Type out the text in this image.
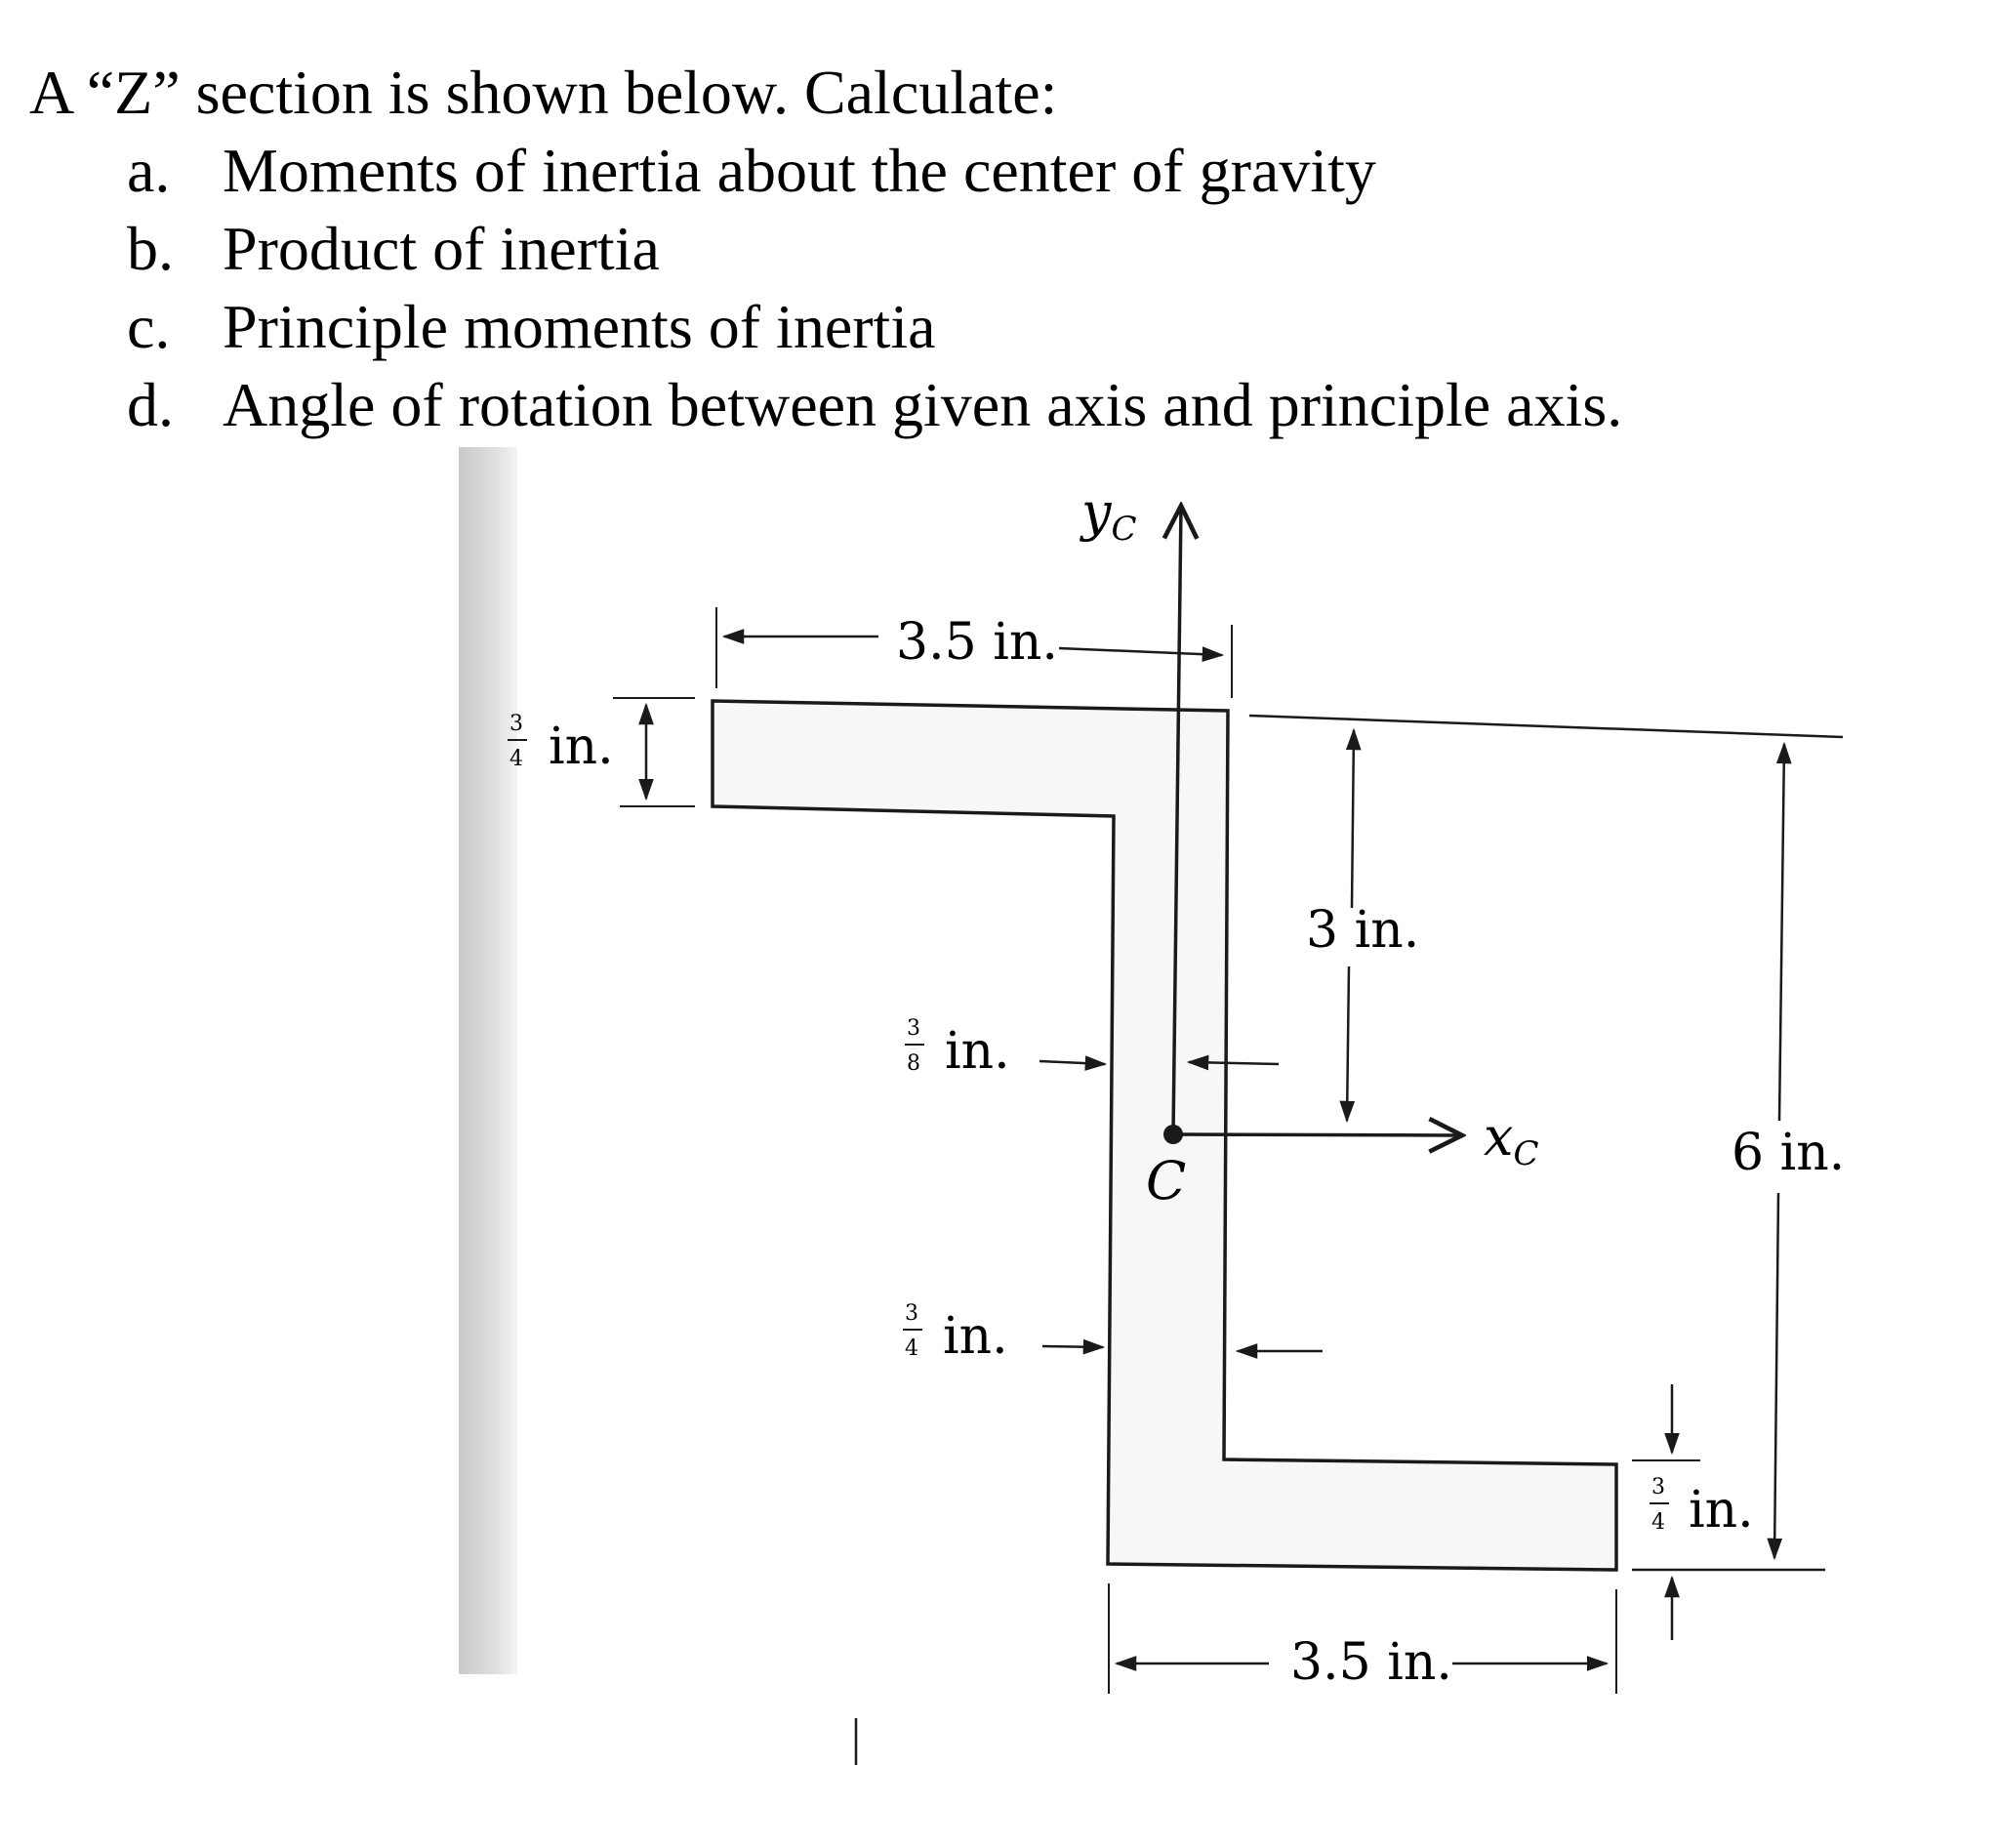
A “Z” section is shown below. Calculate:
a. Moments of inertia about the center of gravity
b. Product of inertia
c. Principle moments of inertia
d. Angle of rotation between given axis and principle axis.
yC
xC
C
3.5 in.
3
4 in.
3 in.
6 in.
3
8 in.
3
4 in.
3
4 in.
3.5 in.
